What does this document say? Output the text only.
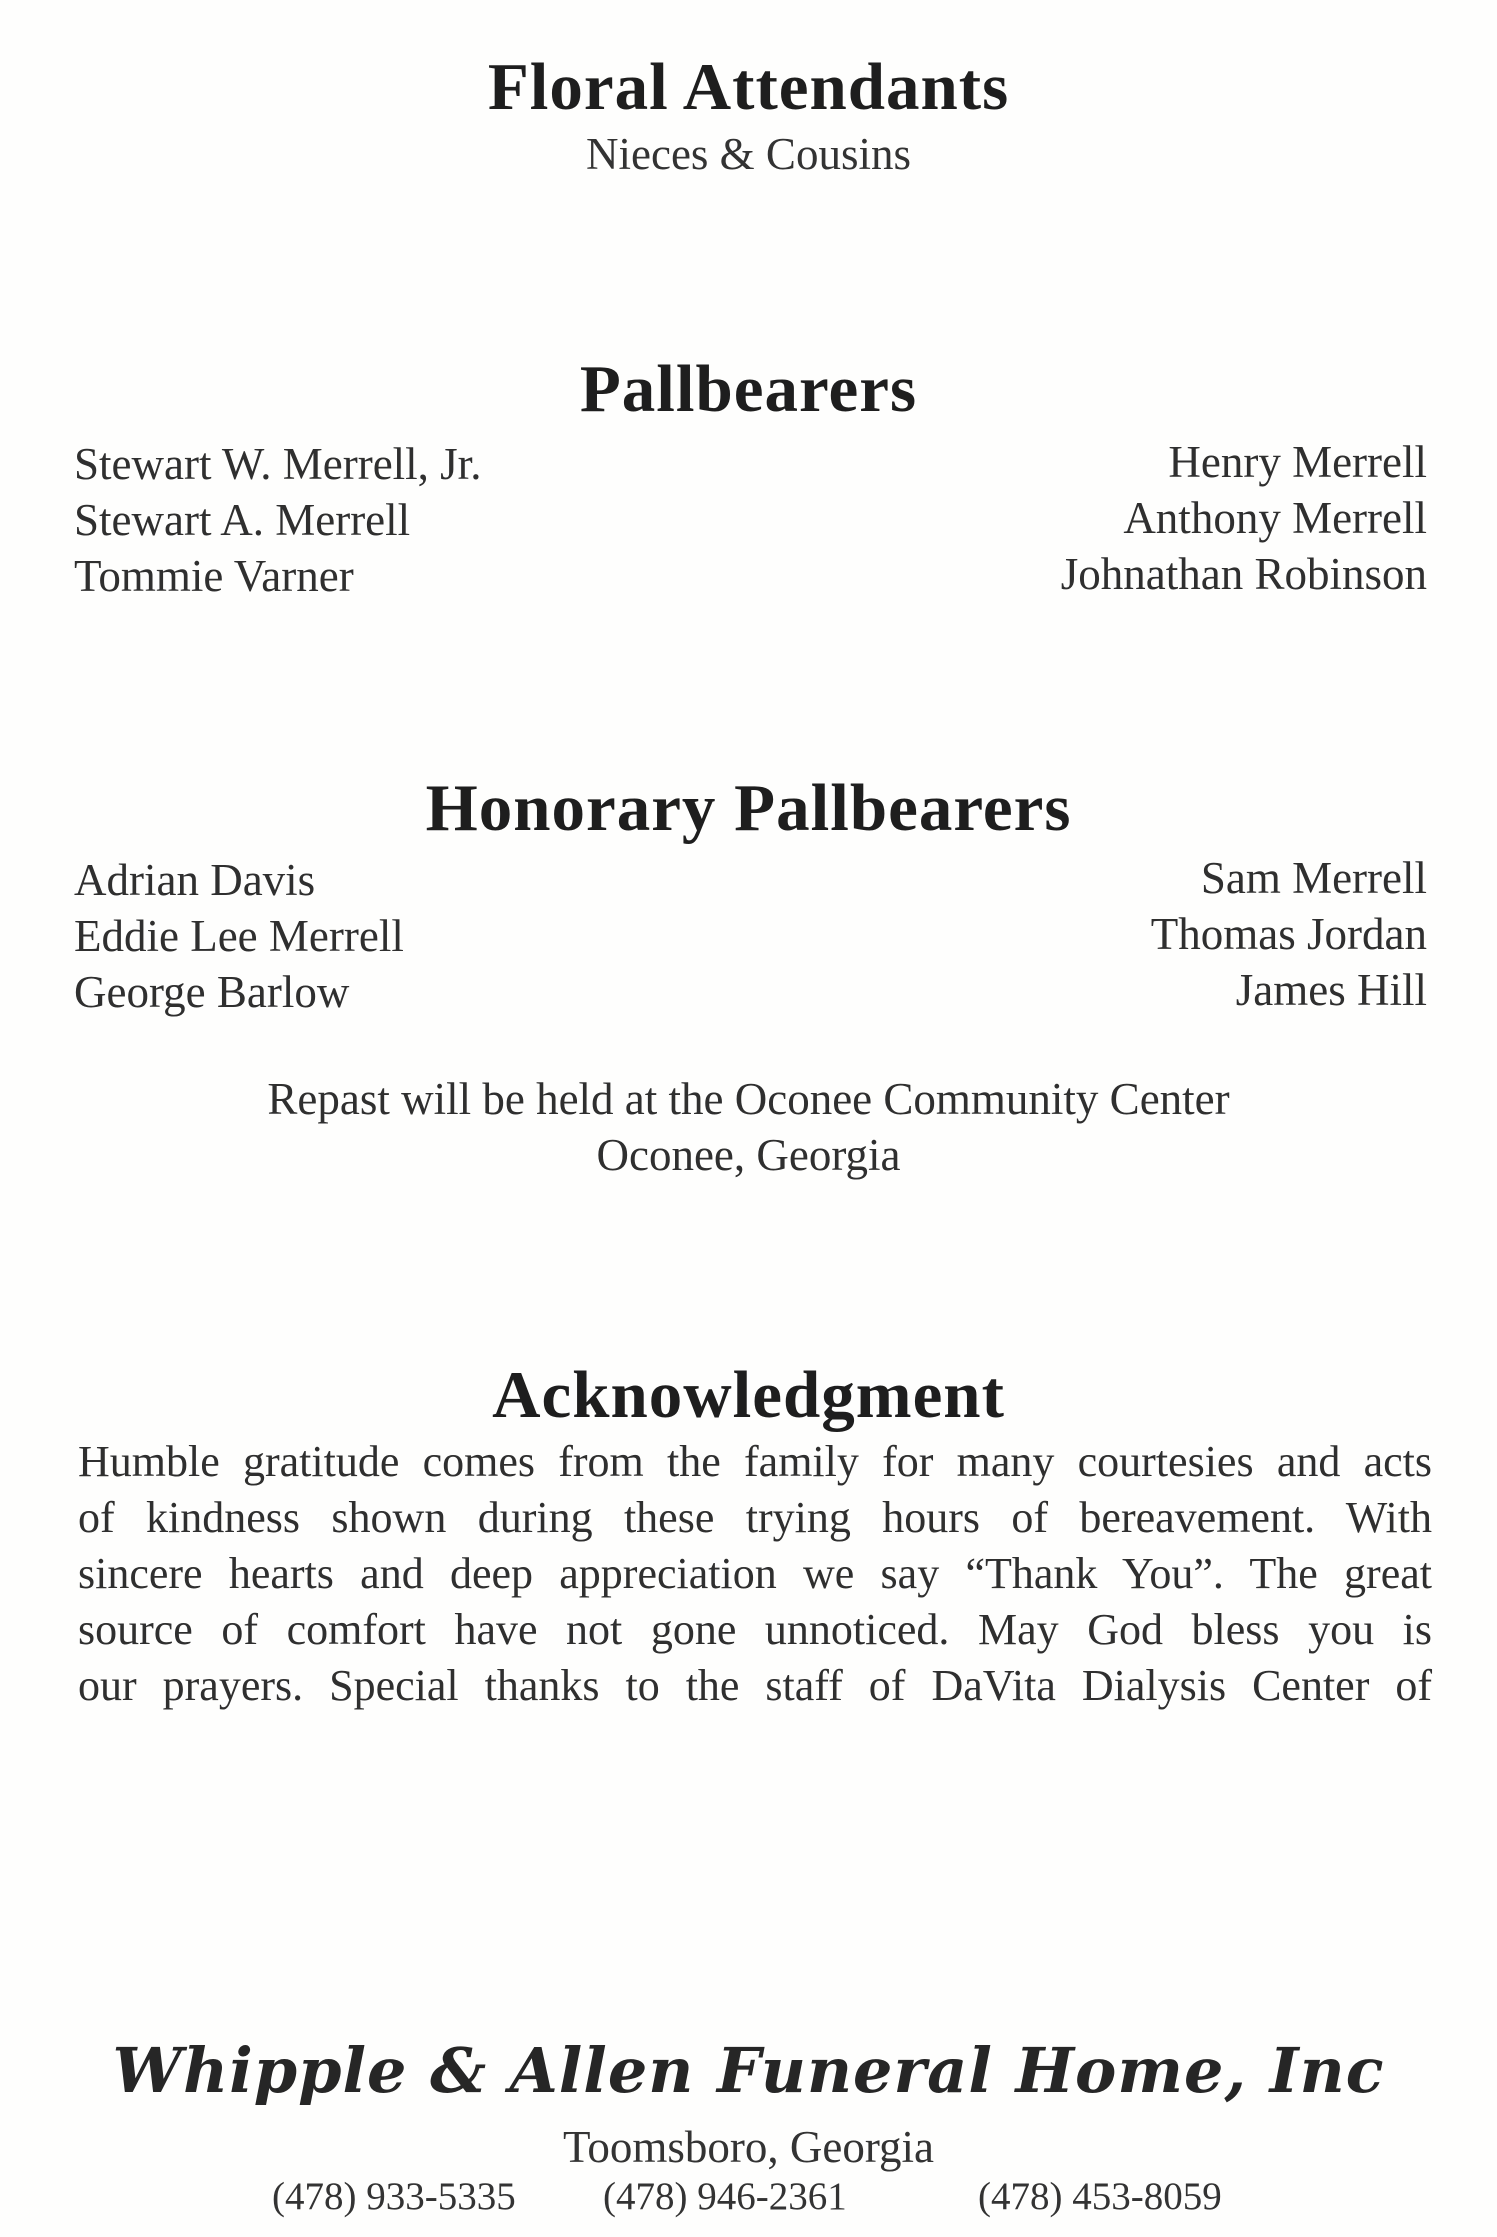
Floral Attendants
Nieces & Cousins
Pallbearers
Stewart W. Merrell, Jr.
Stewart A. Merrell
Tommie Varner
Henry Merrell
Anthony Merrell
Johnathan Robinson
Honorary Pallbearers
Adrian Davis
Eddie Lee Merrell
George Barlow
Sam Merrell
Thomas Jordan
James Hill
Repast will be held at the Oconee Community Center
Oconee, Georgia
Acknowledgment
Humble gratitude comes from the family for many courtesies and acts
of kindness shown during these trying hours of bereavement. With
sincere hearts and deep appreciation we say “Thank You”. The great
source of comfort have not gone unnoticed. May God bless you is
our prayers. Special thanks to the staff of DaVita Dialysis Center of
Whipple & Allen Funeral Home, Inc
Toomsboro, Georgia
(478) 933-5335 (478) 946-2361	(478) 453-8059
